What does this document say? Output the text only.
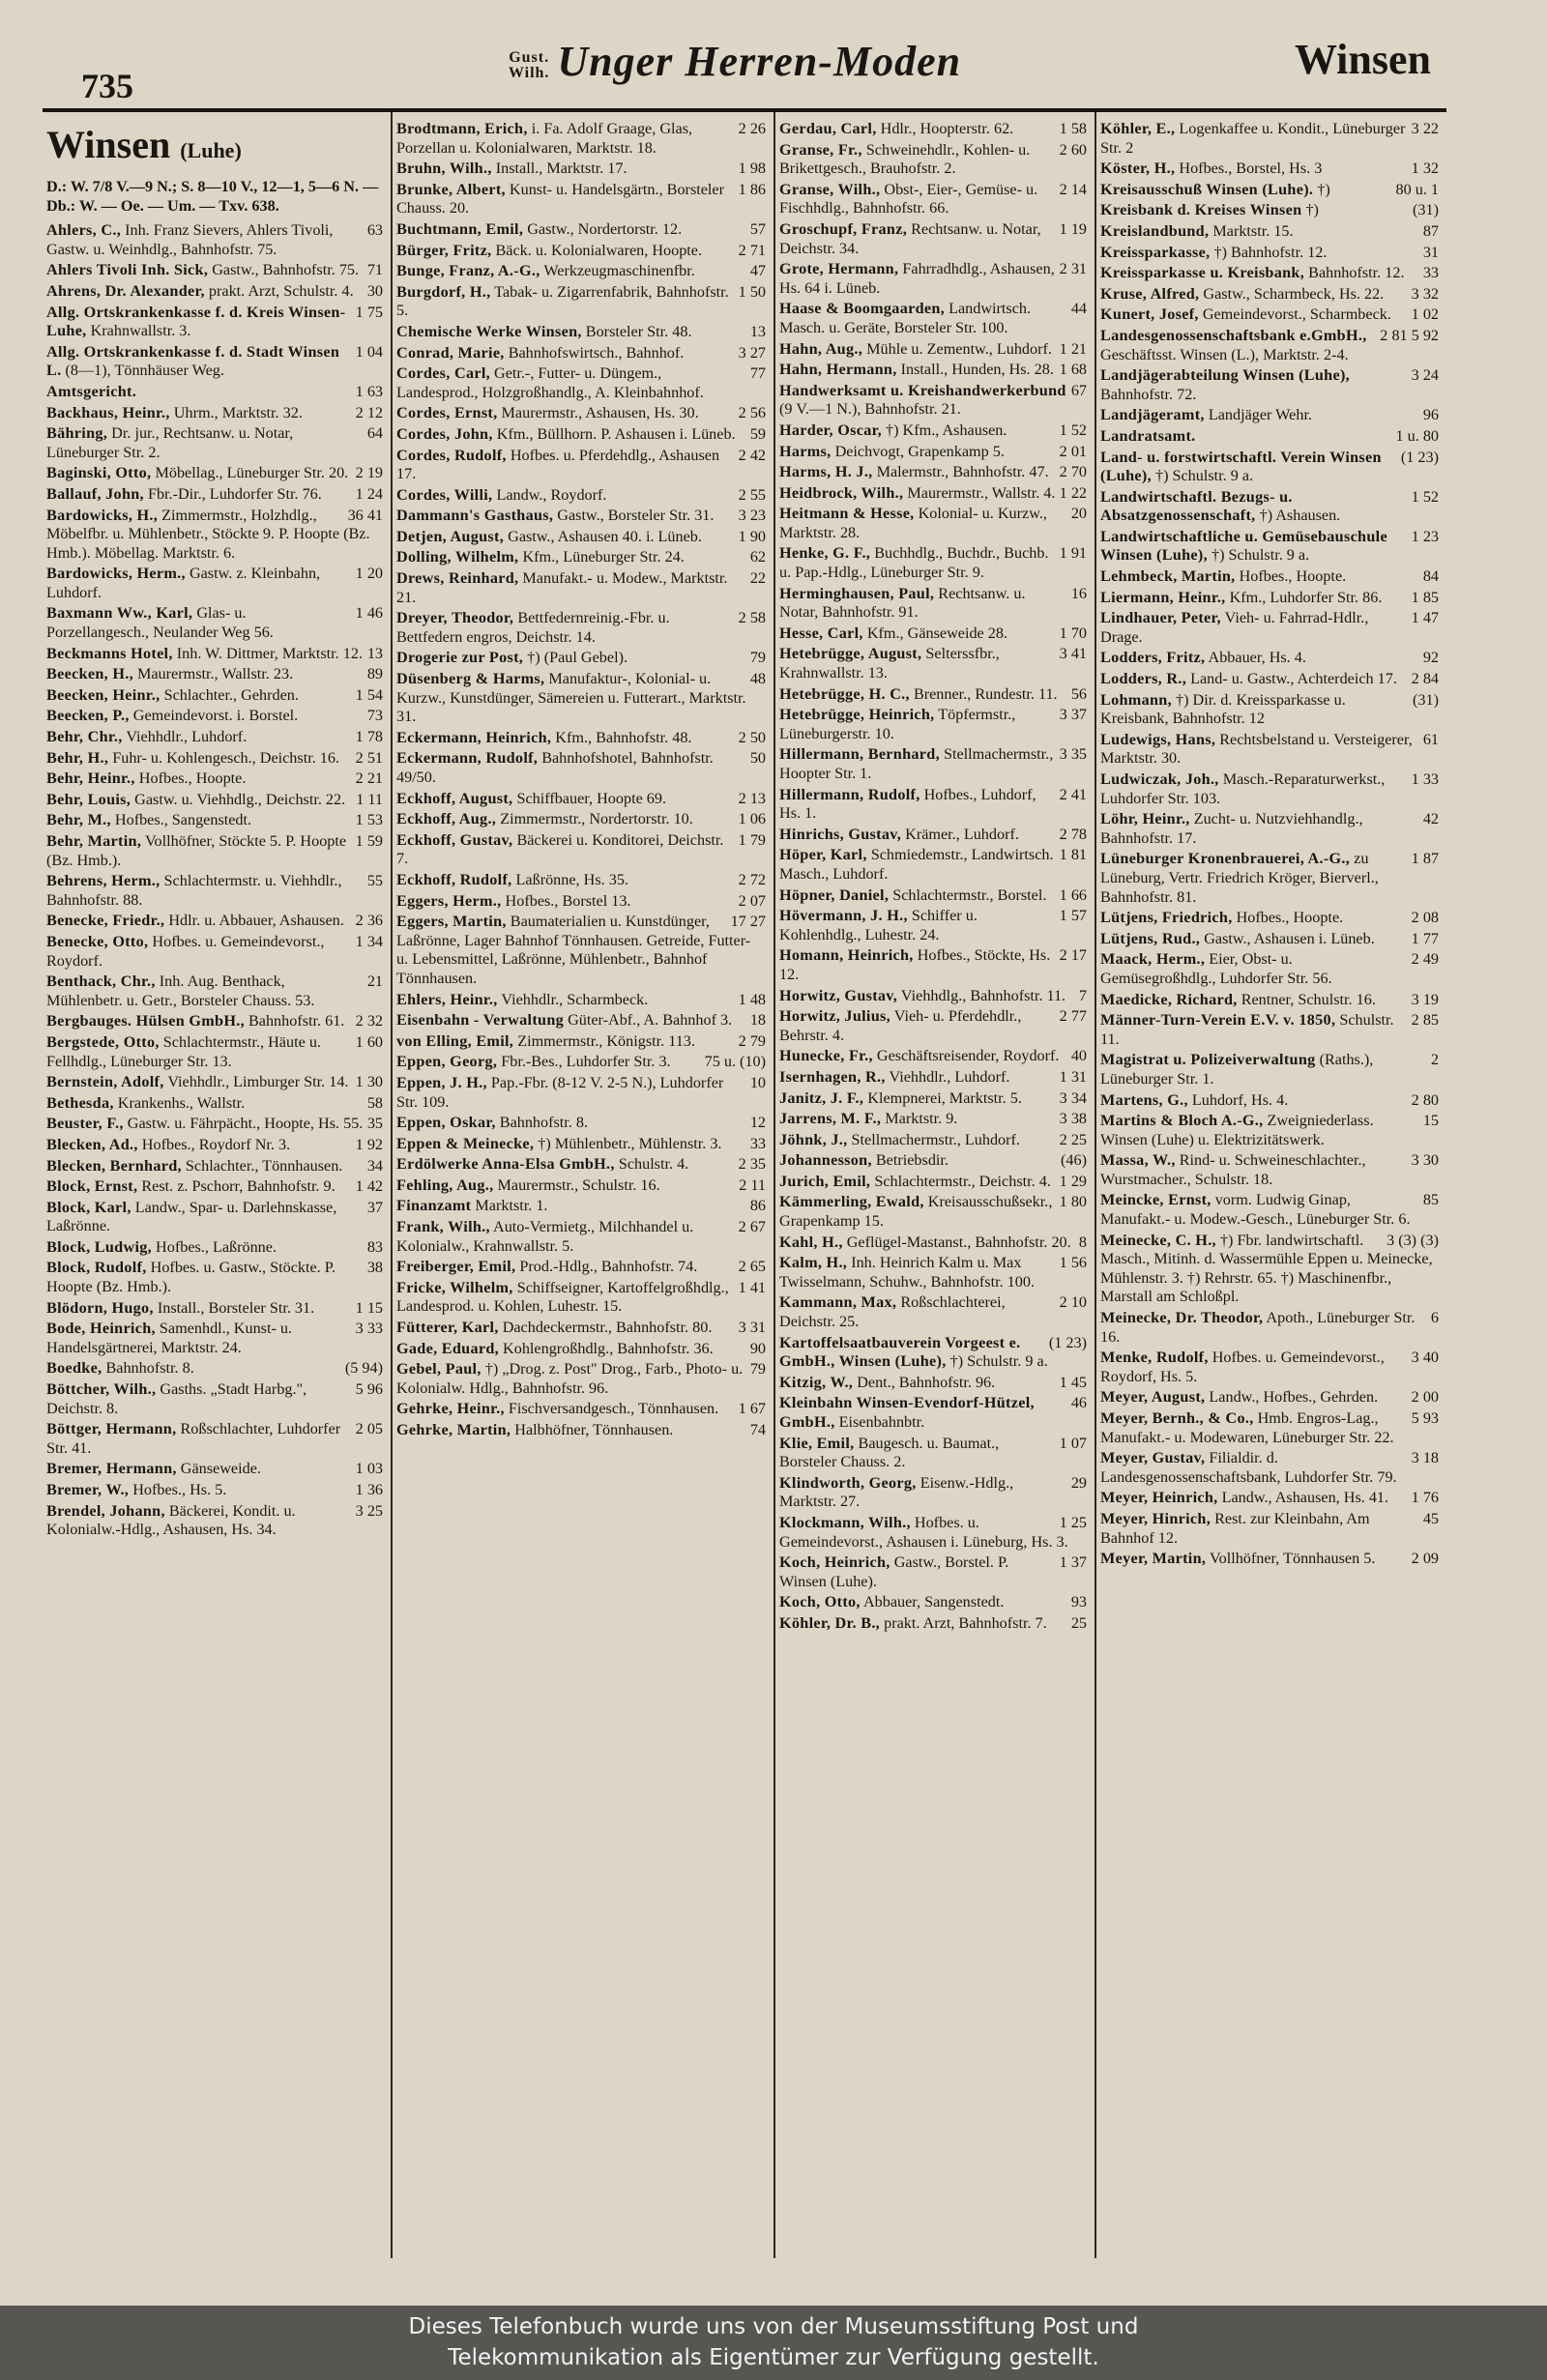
735
Gust.
Wilh. Unger Herren-Moden	Winsen
Winsen (Luhe)
D.: W. 7/8 V.—9 N.; S. 8—10 V., 12—1, 5—6 N. — Db.: W. — Oe. — Um. — Txv. 638.
63
Ahlers, C., Inh. Franz Sievers, Ahlers Tivoli, Gastw. u. Weinhdlg., Bahnhofstr. 75.
71
Ahlers Tivoli Inh. Sick, Gastw., Bahnhofstr. 75.
30
Ahrens, Dr. Alexander, prakt. Arzt, Schulstr. 4.
1 75
Allg. Ortskrankenkasse f. d. Kreis Winsen-Luhe, Krahnwallstr. 3.
1 04
Allg. Ortskrankenkasse f. d. Stadt Winsen L. (8—1), Tönnhäuser Weg.
1 63
Amtsgericht.
2 12
Backhaus, Heinr., Uhrm., Marktstr. 32.
64
Bähring, Dr. jur., Rechtsanw. u. Notar, Lüneburger Str. 2.
2 19
Baginski, Otto, Möbellag., Lüneburger Str. 20.
1 24
Ballauf, John, Fbr.-Dir., Luhdorfer Str. 76.
36 41
Bardowicks, H., Zimmermstr., Holzhdlg., Möbelfbr. u. Mühlenbetr., Stöckte 9. P. Hoopte (Bz. Hmb.). Möbellag. Marktstr. 6.
1 20
Bardowicks, Herm., Gastw. z. Kleinbahn, Luhdorf.
1 46
Baxmann Ww., Karl, Glas- u. Porzellangesch., Neulander Weg 56.
13
Beckmanns Hotel, Inh. W. Dittmer, Marktstr. 12.
89
Beecken, H., Maurermstr., Wallstr. 23.
1 54
Beecken, Heinr., Schlachter., Gehrden.
73
Beecken, P., Gemeindevorst. i. Borstel.
1 78
Behr, Chr., Viehhdlr., Luhdorf.
2 51
Behr, H., Fuhr- u. Kohlengesch., Deichstr. 16.
2 21
Behr, Heinr., Hofbes., Hoopte.
1 11
Behr, Louis, Gastw. u. Viehhdlg., Deichstr. 22.
1 53
Behr, M., Hofbes., Sangenstedt.
1 59
Behr, Martin, Vollhöfner, Stöckte 5. P. Hoopte (Bz. Hmb.).
55
Behrens, Herm., Schlachtermstr. u. Viehhdlr., Bahnhofstr. 88.
2 36
Benecke, Friedr., Hdlr. u. Abbauer, Ashausen.
1 34
Benecke, Otto, Hofbes. u. Gemeindevorst., Roydorf.
21
Benthack, Chr., Inh. Aug. Benthack, Mühlenbetr. u. Getr., Borsteler Chauss. 53.
2 32
Bergbauges. Hülsen GmbH., Bahnhofstr. 61.
1 60
Bergstede, Otto, Schlachtermstr., Häute u. Fellhdlg., Lüneburger Str. 13.
1 30
Bernstein, Adolf, Viehhdlr., Limburger Str. 14.
58
Bethesda, Krankenhs., Wallstr.
35
Beuster, F., Gastw. u. Fährpächt., Hoopte, Hs. 55.
1 92
Blecken, Ad., Hofbes., Roydorf Nr. 3.
34
Blecken, Bernhard, Schlachter., Tönnhausen.
1 42
Block, Ernst, Rest. z. Pschorr, Bahnhofstr. 9.
37
Block, Karl, Landw., Spar- u. Darlehnskasse, Laßrönne.
83
Block, Ludwig, Hofbes., Laßrönne.
38
Block, Rudolf, Hofbes. u. Gastw., Stöckte. P. Hoopte (Bz. Hmb.).
1 15
Blödorn, Hugo, Install., Borsteler Str. 31.
3 33
Bode, Heinrich, Samenhdl., Kunst- u. Handelsgärtnerei, Marktstr. 24.
(5 94)
Boedke, Bahnhofstr. 8.
5 96
Böttcher, Wilh., Gasths. „Stadt Harbg.", Deichstr. 8.
2 05
Böttger, Hermann, Roßschlachter, Luhdorfer Str. 41.
1 03
Bremer, Hermann, Gänseweide.
1 36
Bremer, W., Hofbes., Hs. 5.
3 25
Brendel, Johann, Bäckerei, Kondit. u. Kolonialw.-Hdlg., Ashausen, Hs. 34.
2 26
Brodtmann, Erich, i. Fa. Adolf Graage, Glas, Porzellan u. Kolonialwaren, Marktstr. 18.
1 98
Bruhn, Wilh., Install., Marktstr. 17.
1 86
Brunke, Albert, Kunst- u. Handelsgärtn., Borsteler Chauss. 20.
57
Buchtmann, Emil, Gastw., Nordertorstr. 12.
2 71
Bürger, Fritz, Bäck. u. Kolonialwaren, Hoopte.
47
Bunge, Franz, A.-G., Werkzeugmaschinenfbr.
1 50
Burgdorf, H., Tabak- u. Zigarrenfabrik, Bahnhofstr. 5.
13
Chemische Werke Winsen, Borsteler Str. 48.
3 27
Conrad, Marie, Bahnhofswirtsch., Bahnhof.
77
Cordes, Carl, Getr.-, Futter- u. Düngem., Landesprod., Holzgroßhandlg., A. Kleinbahnhof.
2 56
Cordes, Ernst, Maurermstr., Ashausen, Hs. 30.
59
Cordes, John, Kfm., Büllhorn. P. Ashausen i. Lüneb.
2 42
Cordes, Rudolf, Hofbes. u. Pferdehdlg., Ashausen 17.
2 55
Cordes, Willi, Landw., Roydorf.
3 23
Dammann's Gasthaus, Gastw., Borsteler Str. 31.
1 90
Detjen, August, Gastw., Ashausen 40. i. Lüneb.
62
Dolling, Wilhelm, Kfm., Lüneburger Str. 24.
22
Drews, Reinhard, Manufakt.- u. Modew., Marktstr. 21.
2 58
Dreyer, Theodor, Bettfedernreinig.-Fbr. u. Bettfedern engros, Deichstr. 14.
79
Drogerie zur Post, †) (Paul Gebel).
48
Düsenberg & Harms, Manufaktur-, Kolonial- u. Kurzw., Kunstdünger, Sämereien u. Futterart., Marktstr. 31.
2 50
Eckermann, Heinrich, Kfm., Bahnhofstr. 48.
50
Eckermann, Rudolf, Bahnhofshotel, Bahnhofstr. 49/50.
2 13
Eckhoff, August, Schiffbauer, Hoopte 69.
1 06
Eckhoff, Aug., Zimmermstr., Nordertorstr. 10.
1 79
Eckhoff, Gustav, Bäckerei u. Konditorei, Deichstr. 7.
2 72
Eckhoff, Rudolf, Laßrönne, Hs. 35.
2 07
Eggers, Herm., Hofbes., Borstel 13.
17 27
Eggers, Martin, Baumaterialien u. Kunstdünger, Laßrönne, Lager Bahnhof Tönnhausen. Getreide, Futter- u. Lebensmittel, Laßrönne, Mühlenbetr., Bahnhof Tönnhausen.
1 48
Ehlers, Heinr., Viehhdlr., Scharmbeck.
18
Eisenbahn - Verwaltung Güter-Abf., A. Bahnhof 3.
2 79
von Elling, Emil, Zimmermstr., Königstr. 113.
75 u. (10)
Eppen, Georg, Fbr.-Bes., Luhdorfer Str. 3.
10
Eppen, J. H., Pap.-Fbr. (8-12 V. 2-5 N.), Luhdorfer Str. 109.
12
Eppen, Oskar, Bahnhofstr. 8.
33
Eppen & Meinecke, †) Mühlenbetr., Mühlenstr. 3.
2 35
Erdölwerke Anna-Elsa GmbH., Schulstr. 4.
2 11
Fehling, Aug., Maurermstr., Schulstr. 16.
86
Finanzamt Marktstr. 1.
2 67
Frank, Wilh., Auto-Vermietg., Milchhandel u. Kolonialw., Krahnwallstr. 5.
2 65
Freiberger, Emil, Prod.-Hdlg., Bahnhofstr. 74.
1 41
Fricke, Wilhelm, Schiffseigner, Kartoffelgroßhdlg., Landesprod. u. Kohlen, Luhestr. 15.
3 31
Fütterer, Karl, Dachdeckermstr., Bahnhofstr. 80.
90
Gade, Eduard, Kohlengroßhdlg., Bahnhofstr. 36.
79
Gebel, Paul, †) „Drog. z. Post" Drog., Farb., Photo- u. Kolonialw. Hdlg., Bahnhofstr. 96.
1 67
Gehrke, Heinr., Fischversandgesch., Tönnhausen.
74
Gehrke, Martin, Halbhöfner, Tönnhausen.
1 58
Gerdau, Carl, Hdlr., Hoopterstr. 62.
2 60
Granse, Fr., Schweinehdlr., Kohlen- u. Brikettgesch., Brauhofstr. 2.
2 14
Granse, Wilh., Obst-, Eier-, Gemüse- u. Fischhdlg., Bahnhofstr. 66.
1 19
Groschupf, Franz, Rechtsanw. u. Notar, Deichstr. 34.
2 31
Grote, Hermann, Fahrradhdlg., Ashausen, Hs. 64 i. Lüneb.
44
Haase & Boomgaarden, Landwirtsch. Masch. u. Geräte, Borsteler Str. 100.
1 21
Hahn, Aug., Mühle u. Zementw., Luhdorf.
1 68
Hahn, Hermann, Install., Hunden, Hs. 28.
67
Handwerksamt u. Kreishandwerkerbund (9 V.—1 N.), Bahnhofstr. 21.
1 52
Harder, Oscar, †) Kfm., Ashausen.
2 01
Harms, Deichvogt, Grapenkamp 5.
2 70
Harms, H. J., Malermstr., Bahnhofstr. 47.
1 22
Heidbrock, Wilh., Maurermstr., Wallstr. 4.
20
Heitmann & Hesse, Kolonial- u. Kurzw., Marktstr. 28.
1 91
Henke, G. F., Buchhdlg., Buchdr., Buchb. u. Pap.-Hdlg., Lüneburger Str. 9.
16
Herminghausen, Paul, Rechtsanw. u. Notar, Bahnhofstr. 91.
1 70
Hesse, Carl, Kfm., Gänseweide 28.
3 41
Hetebrügge, August, Selterssfbr., Krahnwallstr. 13.
56
Hetebrügge, H. C., Brenner., Rundestr. 11.
3 37
Hetebrügge, Heinrich, Töpfermstr., Lüneburgerstr. 10.
3 35
Hillermann, Bernhard, Stellmachermstr., Hoopter Str. 1.
2 41
Hillermann, Rudolf, Hofbes., Luhdorf, Hs. 1.
2 78
Hinrichs, Gustav, Krämer., Luhdorf.
1 81
Höper, Karl, Schmiedemstr., Landwirtsch. Masch., Luhdorf.
1 66
Höpner, Daniel, Schlachtermstr., Borstel.
1 57
Hövermann, J. H., Schiffer u. Kohlenhdlg., Luhestr. 24.
2 17
Homann, Heinrich, Hofbes., Stöckte, Hs. 12.
7
Horwitz, Gustav, Viehhdlg., Bahnhofstr. 11.
2 77
Horwitz, Julius, Vieh- u. Pferdehdlr., Behrstr. 4.
40
Hunecke, Fr., Geschäftsreisender, Roydorf.
1 31
Isernhagen, R., Viehhdlr., Luhdorf.
3 34
Janitz, J. F., Klempnerei, Marktstr. 5.
3 38
Jarrens, M. F., Marktstr. 9.
2 25
Jöhnk, J., Stellmachermstr., Luhdorf.
(46)
Johannesson, Betriebsdir.
1 29
Jurich, Emil, Schlachtermstr., Deichstr. 4.
1 80
Kämmerling, Ewald, Kreisausschußsekr., Grapenkamp 15.
8
Kahl, H., Geflügel-Mastanst., Bahnhofstr. 20.
1 56
Kalm, H., Inh. Heinrich Kalm u. Max Twisselmann, Schuhw., Bahnhofstr. 100.
2 10
Kammann, Max, Roßschlachterei, Deichstr. 25.
(1 23)
Kartoffelsaatbauverein Vorgeest e. GmbH., Winsen (Luhe), †) Schulstr. 9 a.
1 45
Kitzig, W., Dent., Bahnhofstr. 96.
46
Kleinbahn Winsen-Evendorf-Hützel, GmbH., Eisenbahnbtr.
1 07
Klie, Emil, Baugesch. u. Baumat., Borsteler Chauss. 2.
29
Klindworth, Georg, Eisenw.-Hdlg., Marktstr. 27.
1 25
Klockmann, Wilh., Hofbes. u. Gemeindevorst., Ashausen i. Lüneburg, Hs. 3.
1 37
Koch, Heinrich, Gastw., Borstel. P. Winsen (Luhe).
93
Koch, Otto, Abbauer, Sangenstedt.
25
Köhler, Dr. B., prakt. Arzt, Bahnhofstr. 7.
3 22
Köhler, E., Logenkaffee u. Kondit., Lüneburger Str. 2
1 32
Köster, H., Hofbes., Borstel, Hs. 3
80 u. 1
Kreisausschuß Winsen (Luhe). †)
(31)
Kreisbank d. Kreises Winsen †)
87
Kreislandbund, Marktstr. 15.
31
Kreissparkasse, †) Bahnhofstr. 12.
33
Kreissparkasse u. Kreisbank, Bahnhofstr. 12.
3 32
Kruse, Alfred, Gastw., Scharmbeck, Hs. 22.
1 02
Kunert, Josef, Gemeindevorst., Scharmbeck.
2 81 5 92
Landesgenossenschaftsbank e.GmbH., Geschäftsst. Winsen (L.), Marktstr. 2-4.
3 24
Landjägerabteilung Winsen (Luhe), Bahnhofstr. 72.
96
Landjägeramt, Landjäger Wehr.
1 u. 80
Landratsamt.
(1 23)
Land- u. forstwirtschaftl. Verein Winsen (Luhe), †) Schulstr. 9 a.
1 52
Landwirtschaftl. Bezugs- u. Absatzgenossenschaft, †) Ashausen.
1 23
Landwirtschaftliche u. Gemüsebauschule Winsen (Luhe), †) Schulstr. 9 a.
84
Lehmbeck, Martin, Hofbes., Hoopte.
1 85
Liermann, Heinr., Kfm., Luhdorfer Str. 86.
1 47
Lindhauer, Peter, Vieh- u. Fahrrad-Hdlr., Drage.
92
Lodders, Fritz, Abbauer, Hs. 4.
2 84
Lodders, R., Land- u. Gastw., Achterdeich 17.
(31)
Lohmann, †) Dir. d. Kreissparkasse u. Kreisbank, Bahnhofstr. 12
61
Ludewigs, Hans, Rechtsbelstand u. Versteigerer, Marktstr. 30.
1 33
Ludwiczak, Joh., Masch.-Reparaturwerkst., Luhdorfer Str. 103.
42
Löhr, Heinr., Zucht- u. Nutzviehhandlg., Bahnhofstr. 17.
1 87
Lüneburger Kronenbrauerei, A.-G., zu Lüneburg, Vertr. Friedrich Kröger, Bierverl., Bahnhofstr. 81.
2 08
Lütjens, Friedrich, Hofbes., Hoopte.
1 77
Lütjens, Rud., Gastw., Ashausen i. Lüneb.
2 49
Maack, Herm., Eier, Obst- u. Gemüsegroßhdlg., Luhdorfer Str. 56.
3 19
Maedicke, Richard, Rentner, Schulstr. 16.
2 85
Männer-Turn-Verein E.V. v. 1850, Schulstr. 11.
2
Magistrat u. Polizeiverwaltung (Raths.), Lüneburger Str. 1.
2 80
Martens, G., Luhdorf, Hs. 4.
15
Martins & Bloch A.-G., Zweigniederlass. Winsen (Luhe) u. Elektrizitätswerk.
3 30
Massa, W., Rind- u. Schweineschlachter., Wurstmacher., Schulstr. 18.
85
Meincke, Ernst, vorm. Ludwig Ginap, Manufakt.- u. Modew.-Gesch., Lüneburger Str. 6.
3 (3) (3)
Meinecke, C. H., †) Fbr. landwirtschaftl. Masch., Mitinh. d. Wassermühle Eppen u. Meinecke, Mühlenstr. 3. †) Rehrstr. 65. †) Maschinenfbr., Marstall am Schloßpl.
6
Meinecke, Dr. Theodor, Apoth., Lüneburger Str. 16.
3 40
Menke, Rudolf, Hofbes. u. Gemeindevorst., Roydorf, Hs. 5.
2 00
Meyer, August, Landw., Hofbes., Gehrden.
5 93
Meyer, Bernh., & Co., Hmb. Engros-Lag., Manufakt.- u. Modewaren, Lüneburger Str. 22.
3 18
Meyer, Gustav, Filialdir. d. Landesgenossenschaftsbank, Luhdorfer Str. 79.
1 76
Meyer, Heinrich, Landw., Ashausen, Hs. 41.
45
Meyer, Hinrich, Rest. zur Kleinbahn, Am Bahnhof 12.
2 09
Meyer, Martin, Vollhöfner, Tönnhausen 5.
Dieses Telefonbuch wurde uns von der Museumsstiftung Post und
Telekommunikation als Eigentümer zur Verfügung gestellt.
